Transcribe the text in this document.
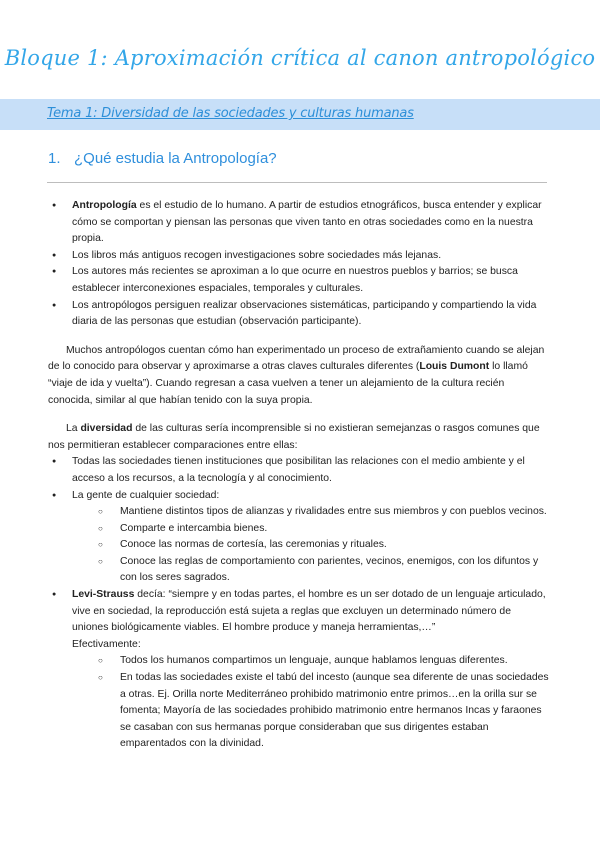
Bloque 1: Aproximación crítica al canon antropológico
Tema 1: Diversidad de las sociedades y culturas humanas
1. ¿Qué estudia la Antropología?
● Antropología es el estudio de lo humano. A partir de estudios etnográficos, busca entender y explicar cómo se comportan y piensan las personas que viven tanto en otras sociedades como en la nuestra propia.
● Los libros más antiguos recogen investigaciones sobre sociedades más lejanas.
● Los autores más recientes se aproximan a lo que ocurre en nuestros pueblos y barrios; se busca establecer interconexiones espaciales, temporales y culturales.
● Los antropólogos persiguen realizar observaciones sistemáticas, participando y compartiendo la vida diaria de las personas que estudian (observación participante).

Muchos antropólogos cuentan cómo han experimentado un proceso de extrañamiento cuando se alejan de lo conocido para observar y aproximarse a otras claves culturales diferentes (Louis Dumont lo llamó “viaje de ida y vuelta”). Cuando regresan a casa vuelven a tener un alejamiento de la cultura recién conocida, similar al que habían tenido con la suya propia.

La diversidad de las culturas sería incomprensible si no existieran semejanzas o rasgos comunes que nos permitieran establecer comparaciones entre ellas:

● Todas las sociedades tienen instituciones que posibilitan las relaciones con el medio ambiente y el acceso a los recursos, a la tecnología y al conocimiento.
● La gente de cualquier sociedad:
○ Mantiene distintos tipos de alianzas y rivalidades entre sus miembros y con pueblos vecinos.
○ Comparte e intercambia bienes.
○ Conoce las normas de cortesía, las ceremonias y rituales.
○ Conoce las reglas de comportamiento con parientes, vecinos, enemigos, con los difuntos y con los seres sagrados.
● Levi-Strauss decía: “siempre y en todas partes, el hombre es un ser dotado de un lenguaje articulado, vive en sociedad, la reproducción está sujeta a reglas que excluyen un determinado número de uniones biológicamente viables. El hombre produce y maneja herramientas,…”
Efectivamente:
○ Todos los humanos compartimos un lenguaje, aunque hablamos lenguas diferentes.
○ En todas las sociedades existe el tabú del incesto (aunque sea diferente de unas sociedades a otras. Ej. Orilla norte Mediterráneo prohibido matrimonio entre primos…en la orilla sur se fomenta; Mayoría de las sociedades prohibido matrimonio entre hermanos Incas y faraones se casaban con sus hermanas porque consideraban que sus dirigentes estaban emparentados con la divinidad.
